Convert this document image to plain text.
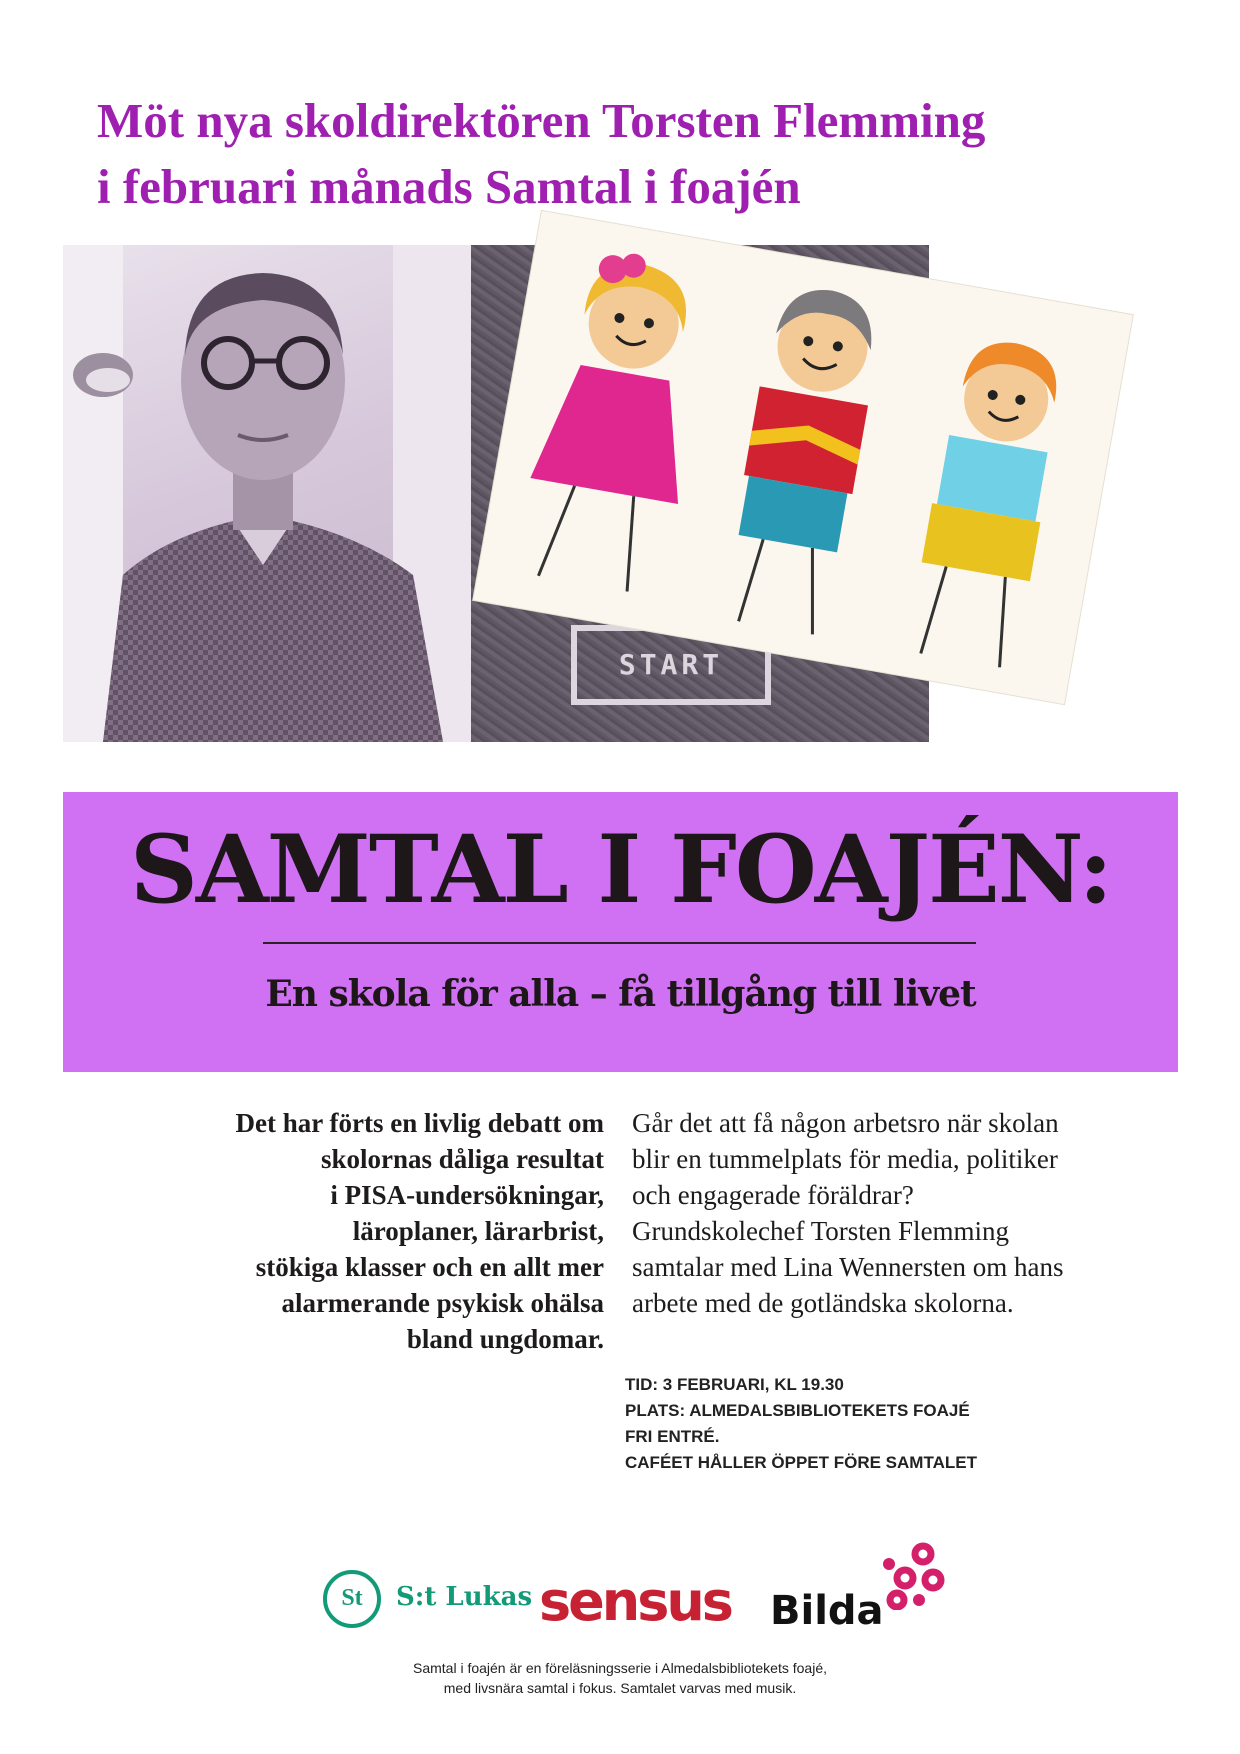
Möt nya skoldirektören Torsten Flemming
i februari månads Samtal i foajén
START
SAMTAL I FOAJÉN:
En skola för alla – få tillgång till livet
Det har förts en livlig debatt om
skolornas dåliga resultat
i PISA-undersökningar,
läroplaner, lärarbrist,
stökiga klasser och en allt mer
alarmerande psykisk ohälsa
bland ungdomar.
Går det att få någon arbetsro när skolan
blir en tummelplats för media, politiker
och engagerade föräldrar?
Grundskolechef Torsten Flemming
samtalar med Lina Wennersten om hans
arbete med de gotländska skolorna.
TID: 3 FEBRUARI, KL 19.30
PLATS: ALMEDALSBIBLIOTEKETS FOAJÉ
FRI ENTRÉ.
CAFÉET HÅLLER ÖPPET FÖRE SAMTALET
St	S:t Lukas sensus Bilda
Samtal i foajén är en föreläsningsserie i Almedalsbibliotekets foajé,
med livsnära samtal i fokus. Samtalet varvas med musik.
